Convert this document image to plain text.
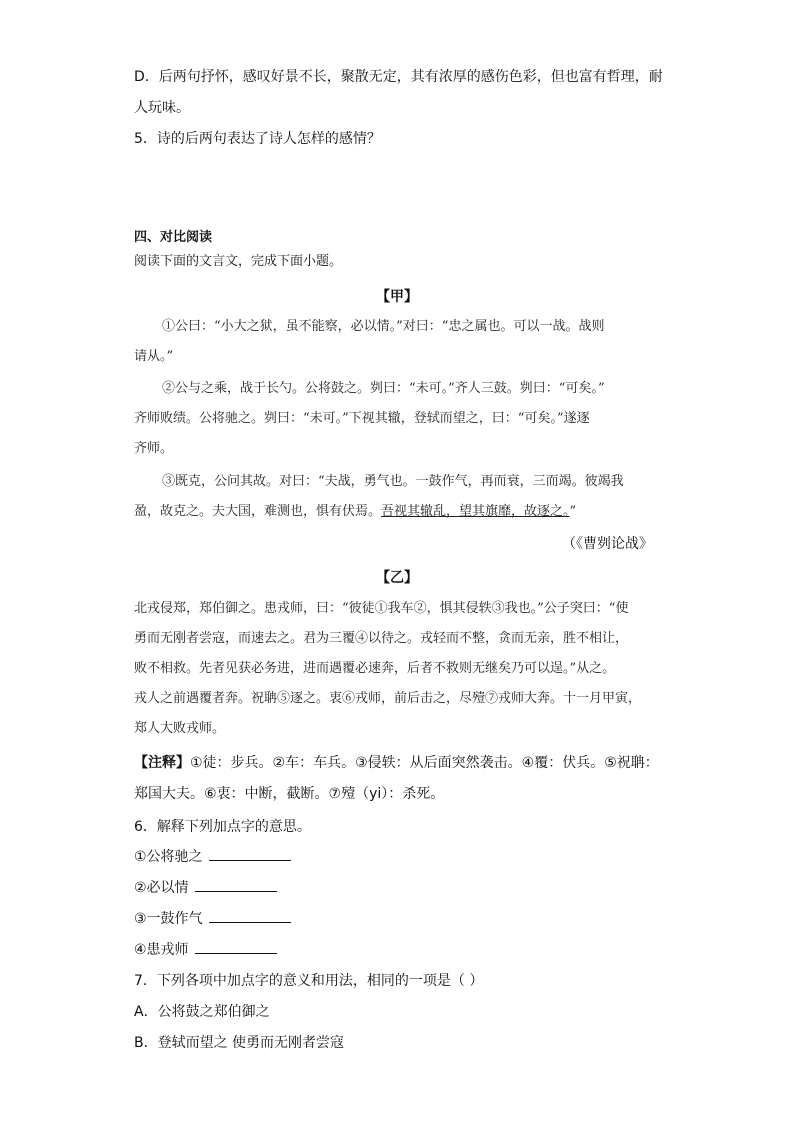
D．后两句抒怀，感叹好景不长，聚散无定，其有浓厚的感伤色彩，但也富有哲理，耐
人玩味。
5．诗的后两句表达了诗人怎样的感情？
四、对比阅读
阅读下面的文言文，完成下面小题。
【甲】
①公曰：“小大之狱，虽不能察，必以情。”对曰：“忠之属也。可以一战。战则
请从。”
②公与之乘，战于长勺。公将鼓之。刿曰：“未可。”齐人三鼓。刿曰：“可矣。”
齐师败绩。公将驰之。刿曰：“未可。”下视其辙，登轼而望之，曰：“可矣。”遂逐
齐师。
③既克，公问其故。对曰：“夫战，勇气也。一鼓作气，再而衰，三而竭。彼竭我
盈，故克之。夫大国，难测也，惧有伏焉。吾视其辙乱，望其旗靡，故逐之。”
（《曹刿论战》
【乙】
北戎侵郑，郑伯御之。患戎师，曰：“彼徒①我车②，惧其侵轶③我也。”公子突曰：“使
勇而无刚者尝寇，而速去之。君为三覆④以待之。戎轻而不整，贪而无亲，胜不相让，
败不相救。先者见获必务进，进而遇覆必速奔，后者不救则无继矣乃可以逞。”从之。
戎人之前遇覆者奔。祝聃⑤逐之。衷⑥戎师，前后击之，尽殪⑦戎师大奔。十一月甲寅，
郑人大败戎师。
【注释】①徒：步兵。②车：车兵。③侵轶：从后面突然袭击。④覆：伏兵。⑤祝聃：
郑国大夫。⑥衷：中断，截断。⑦殪（yi）：杀死。
6．解释下列加点字的意思。
①公将驰之
②必以情
③一鼓作气
④患戎师
7．下列各项中加点字的意义和用法，相同的一项是（ ）
A．公将鼓之郑伯御之
B．登轼而望之 使勇而无刚者尝寇
